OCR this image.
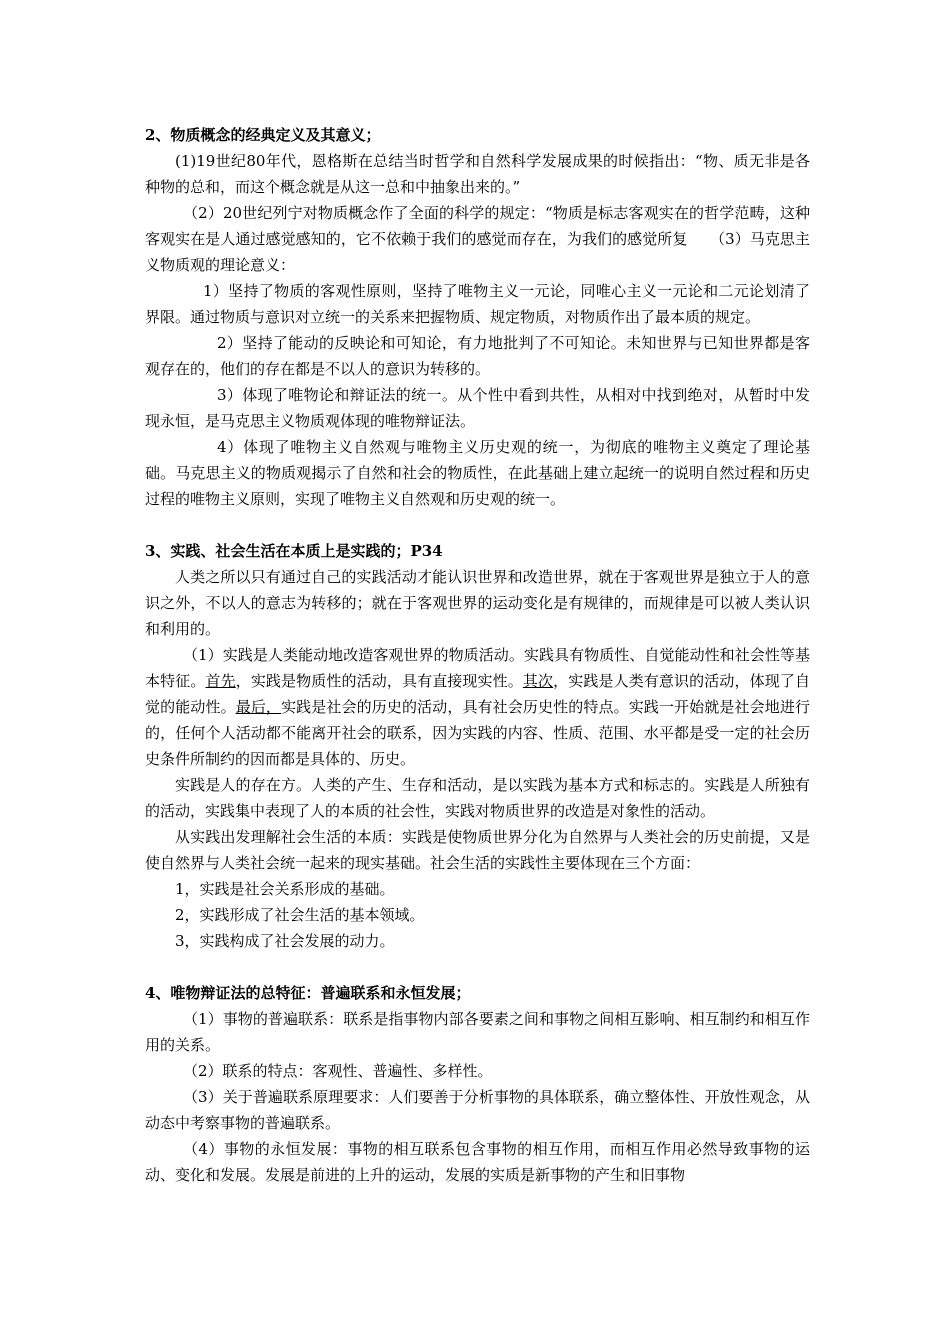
2、物质概念的经典定义及其意义；

(1)19世纪80年代，恩格斯在总结当时哲学和自然科学发展成果的时候指出：“物、质无非是各种物的总和，而这个概念就是从这一总和中抽象出来的。”

（2）20世纪列宁对物质概念作了全面的科学的规定：“物质是标志客观实在的哲学范畴，这种客观实在是人通过感觉感知的，它不依赖于我们的感觉而存在，为我们的感觉所复　　（3）马克思主义物质观的理论意义：

1）坚持了物质的客观性原则，坚持了唯物主义一元论，同唯心主义一元论和二元论划清了界限。通过物质与意识对立统一的关系来把握物质、规定物质，对物质作出了最本质的规定。

2）坚持了能动的反映论和可知论，有力地批判了不可知论。未知世界与已知世界都是客观存在的，他们的存在都是不以人的意识为转移的。

3）体现了唯物论和辩证法的统一。从个性中看到共性，从相对中找到绝对，从暂时中发现永恒，是马克思主义物质观体现的唯物辩证法。

4）体现了唯物主义自然观与唯物主义历史观的统一，为彻底的唯物主义奠定了理论基础。马克思主义的物质观揭示了自然和社会的物质性，在此基础上建立起统一的说明自然过程和历史过程的唯物主义原则，实现了唯物主义自然观和历史观的统一。

3、实践、社会生活在本质上是实践的；P34

人类之所以只有通过自己的实践活动才能认识世界和改造世界，就在于客观世界是独立于人的意识之外，不以人的意志为转移的；就在于客观世界的运动变化是有规律的，而规律是可以被人类认识和利用的。

（1）实践是人类能动地改造客观世界的物质活动。实践具有物质性、自觉能动性和社会性等基本特征。首先，实践是物质性的活动，具有直接现实性。其次，实践是人类有意识的活动，体现了自觉的能动性。最后，实践是社会的历史的活动，具有社会历史性的特点。实践一开始就是社会地进行的，任何个人活动都不能离开社会的联系，因为实践的内容、性质、范围、水平都是受一定的社会历史条件所制约的因而都是具体的、历史。

实践是人的存在方。人类的产生、生存和活动，是以实践为基本方式和标志的。实践是人所独有的活动，实践集中表现了人的本质的社会性，实践对物质世界的改造是对象性的活动。

从实践出发理解社会生活的本质：实践是使物质世界分化为自然界与人类社会的历史前提，又是使自然界与人类社会统一起来的现实基础。社会生活的实践性主要体现在三个方面：

1，实践是社会关系形成的基础。

2，实践形成了社会生活的基本领域。

3，实践构成了社会发展的动力。

4、唯物辩证法的总特征：普遍联系和永恒发展；

（1）事物的普遍联系：联系是指事物内部各要素之间和事物之间相互影响、相互制约和相互作用的关系。

（2）联系的特点：客观性、普遍性、多样性。

（3）关于普遍联系原理要求：人们要善于分析事物的具体联系，确立整体性、开放性观念，从动态中考察事物的普遍联系。

（4）事物的永恒发展：事物的相互联系包含事物的相互作用，而相互作用必然导致事物的运动、变化和发展。发展是前进的上升的运动，发展的实质是新事物的产生和旧事物
